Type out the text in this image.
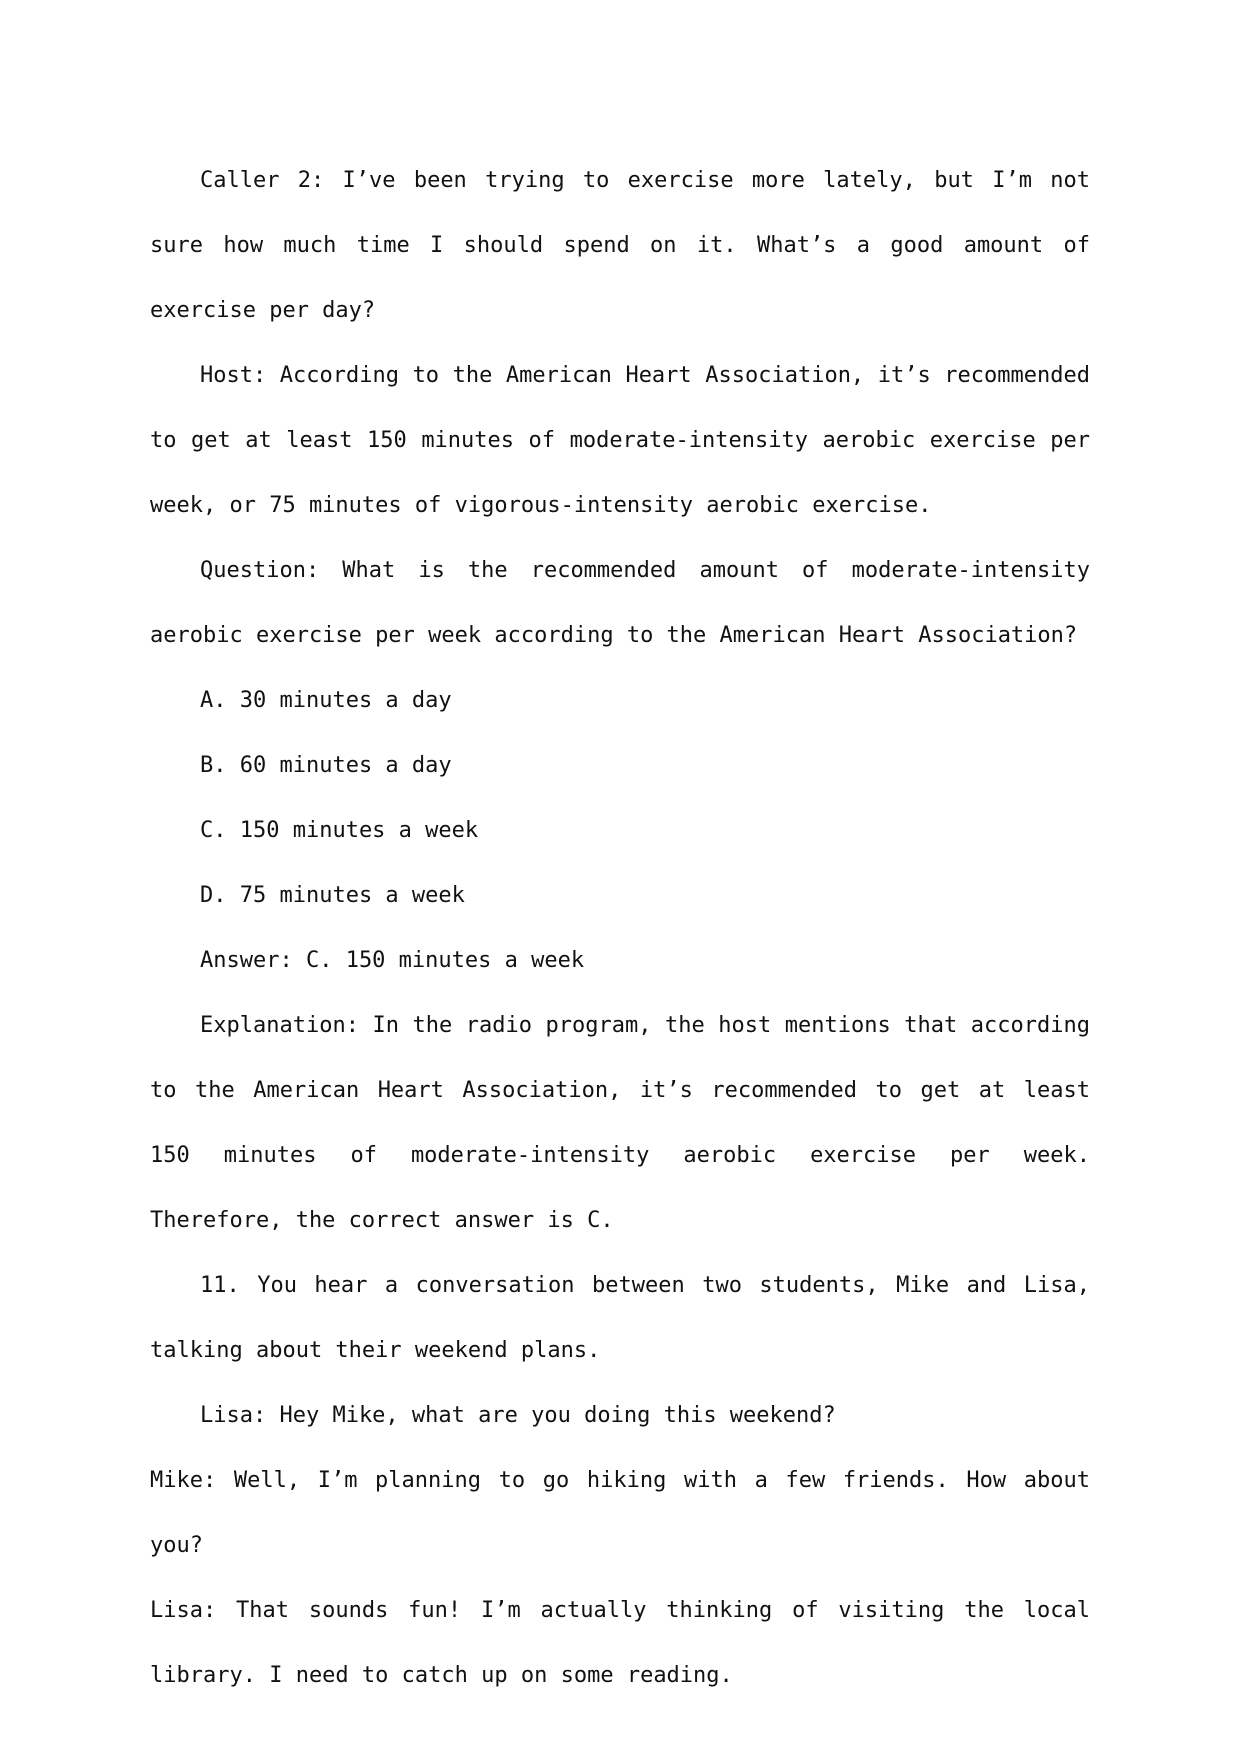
Caller 2: I’ve been trying to exercise more lately, but I’m not sure how much time I should spend on it. What’s a good amount of exercise per day?

Host: According to the American Heart Association, it’s recommended to get at least 150 minutes of moderate-intensity aerobic exercise per week, or 75 minutes of vigorous-intensity aerobic exercise.

Question: What is the recommended amount of moderate-intensity aerobic exercise per week according to the American Heart Association?

A. 30 minutes a day

B. 60 minutes a day

C. 150 minutes a week

D. 75 minutes a week

Answer: C. 150 minutes a week

Explanation: In the radio program, the host mentions that according to the American Heart Association, it’s recommended to get at least 150 minutes of moderate-intensity aerobic exercise per week. Therefore, the correct answer is C.

11. You hear a conversation between two students, Mike and Lisa, talking about their weekend plans.

Lisa: Hey Mike, what are you doing this weekend?

Mike: Well, I’m planning to go hiking with a few friends. How about you?

Lisa: That sounds fun! I’m actually thinking of visiting the local library. I need to catch up on some reading.
